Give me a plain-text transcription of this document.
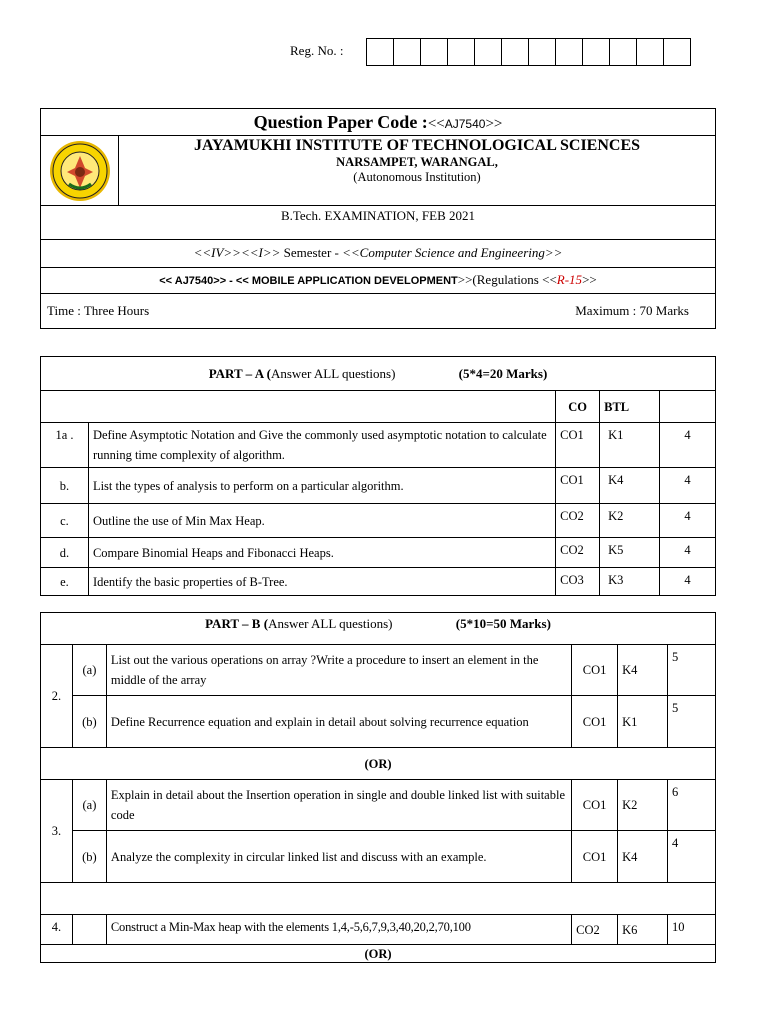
Reg. No. :
Question Paper Code :<<AJ7540>>
JAYAMUKHI INSTITUTE OF TECHNOLOGICAL SCIENCES
NARSAMPET, WARANGAL,
(Autonomous Institution)
B.Tech. EXAMINATION, FEB 2021
<<IV>><<I>> Semester - <<Computer Science and Engineering>>
<< AJ7540>> - << MOBILE APPLICATION DEVELOPMENT>>(Regulations <<R-15>>
Time : Three Hours	Maximum : 70 Marks
PART – A (Answer ALL questions) (5*4=20 Marks)				
		CO	BTL	
1a .	Define Asymptotic Notation and Give the commonly used asymptotic notation to calculate running time complexity of algorithm.	CO1	K1	4
b.	List the types of analysis to perform on a particular algorithm.	CO1	K4	4
c.	Outline the use of Min Max Heap.	CO2	K2	4
d.	Compare Binomial Heaps and Fibonacci Heaps.	CO2	K5	4
e.	Identify the basic properties of B-Tree.	CO3	K3	4
PART – B (Answer ALL questions) (5*10=50 Marks)					
2.	(a)	List out the various operations on array ?Write a procedure to insert an element in the middle of the array	CO1	K4	5
	(b)	Define Recurrence equation and explain in detail about solving recurrence equation	CO1	K1	5
(OR)					
3.	(a)	Explain in detail about the Insertion operation in single and double linked list with suitable code	CO1	K2	6
	(b)	Analyze the complexity in circular linked list and discuss with an example.	CO1	K4	4

4.		Construct a Min-Max heap with the elements 1,4,-5,6,7,9,3,40,20,2,70,100	CO2	K6	10
(OR)					
